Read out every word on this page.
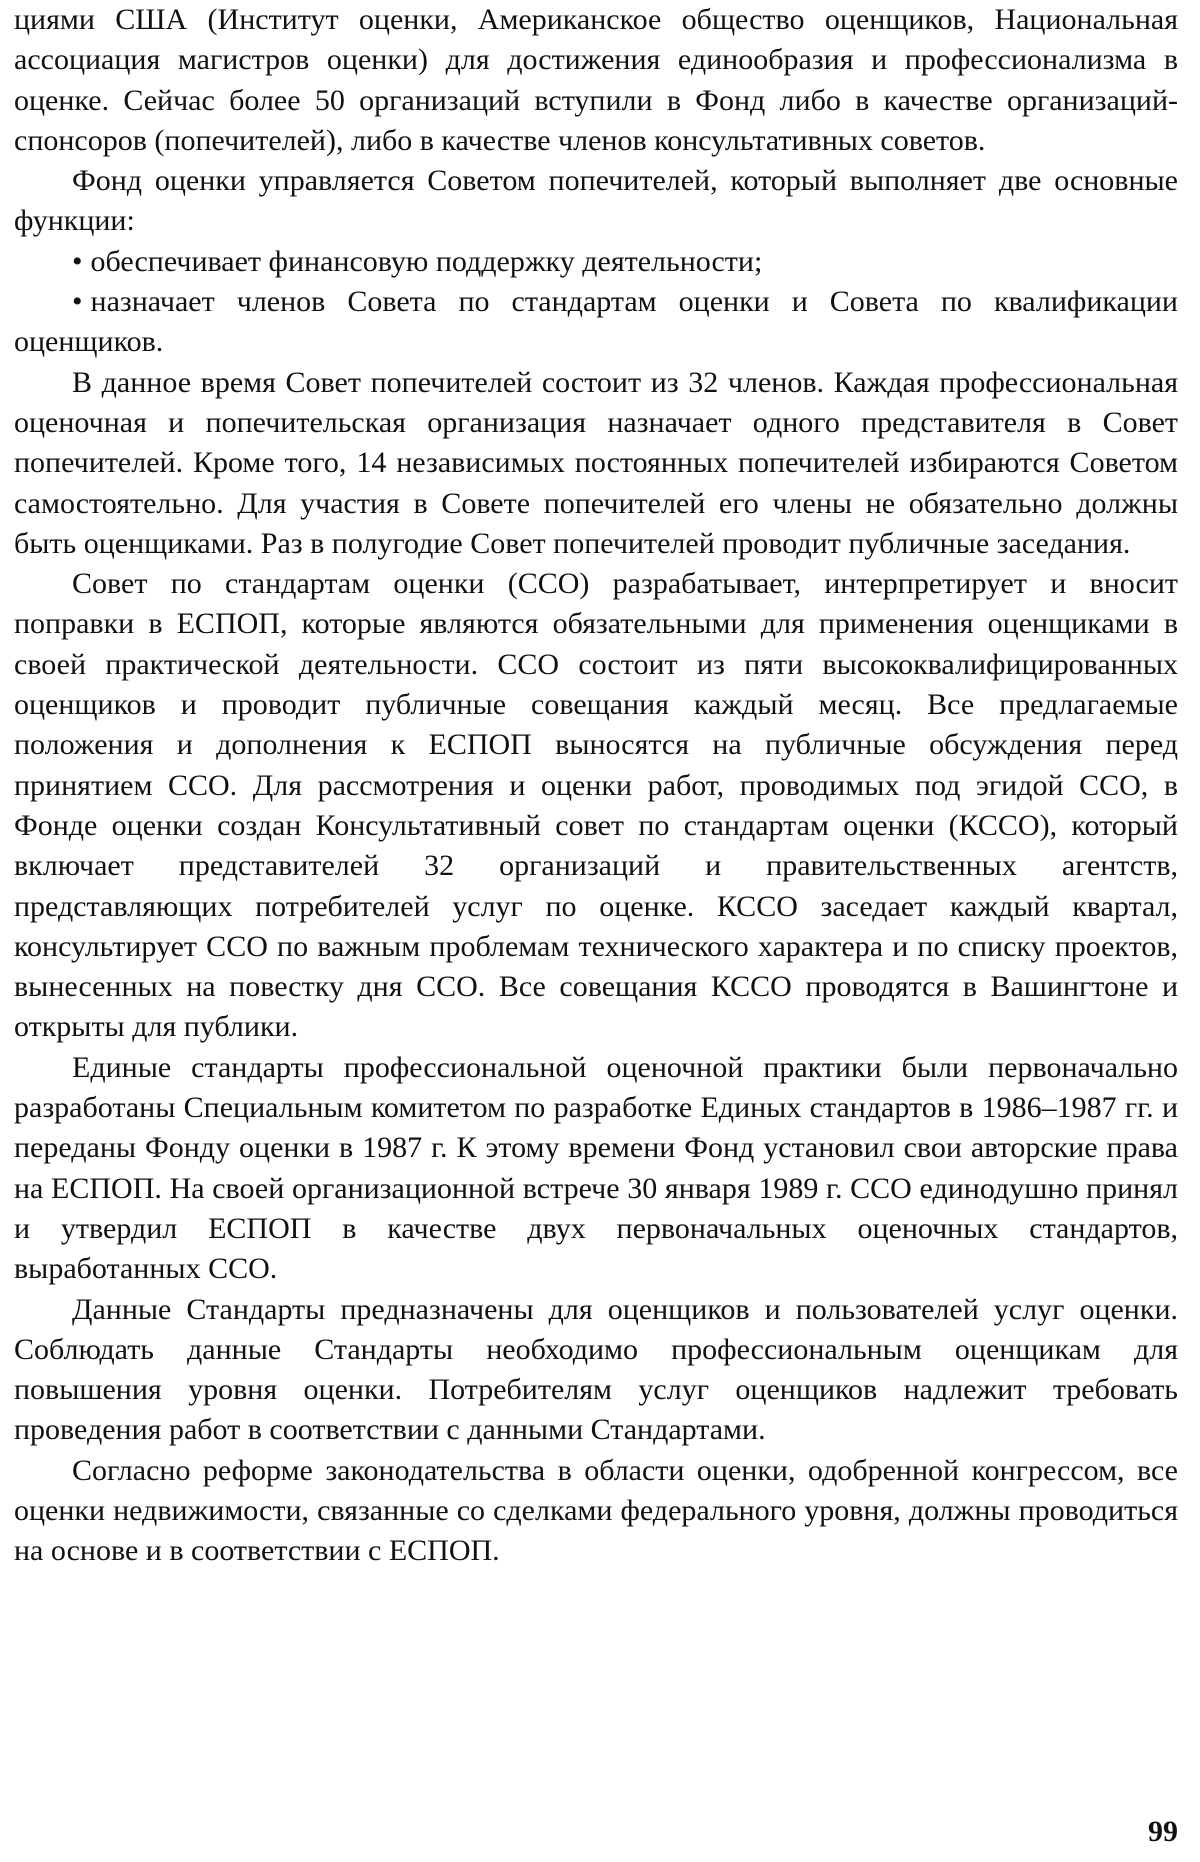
циями США (Институт оценки, Американское общество оценщиков, Национальная ассоциация магистров оценки) для достижения единообразия и профессионализма в оценке. Сейчас более 50 организаций вступили в Фонд либо в качестве организаций-спонсоров (попечителей), либо в качестве членов консультативных советов.

Фонд оценки управляется Советом попечителей, который выполняет две основные функции:

• обеспечивает финансовую поддержку деятельности;

• назначает членов Совета по стандартам оценки и Совета по квалификации оценщиков.

В данное время Совет попечителей состоит из 32 членов. Каждая профессиональная оценочная и попечительская организация назначает одного представителя в Совет попечителей. Кроме того, 14 независимых постоянных попечителей избираются Советом самостоятельно. Для участия в Совете попечителей его члены не обязательно должны быть оценщиками. Раз в полугодие Совет попечителей проводит публичные заседания.

Совет по стандартам оценки (ССО) разрабатывает, интерпретирует и вносит поправки в ЕСПОП, которые являются обязательными для применения оценщиками в своей практической деятельности. ССО состоит из пяти высококвалифицированных оценщиков и проводит публичные совещания каждый месяц. Все предлагаемые положения и дополнения к ЕСПОП выносятся на публичные обсуждения перед принятием ССО. Для рассмотрения и оценки работ, проводимых под эгидой ССО, в Фонде оценки создан Консультативный совет по стандартам оценки (КССО), который включает представителей 32 организаций и правительственных агентств, представляющих потребителей услуг по оценке. КССО заседает каждый квартал, консультирует ССО по важным проблемам технического характера и по списку проектов, вынесенных на повестку дня ССО. Все совещания КССО проводятся в Вашингтоне и открыты для публики.

Единые стандарты профессиональной оценочной практики были первоначально разработаны Специальным комитетом по разработке Единых стандартов в 1986–1987 гг. и переданы Фонду оценки в 1987 г. К этому времени Фонд установил свои авторские права на ЕСПОП. На своей организационной встрече 30 января 1989 г. ССО единодушно принял и утвердил ЕСПОП в качестве двух первоначальных оценочных стандартов, выработанных ССО.

Данные Стандарты предназначены для оценщиков и пользователей услуг оценки. Соблюдать данные Стандарты необходимо профессиональным оценщикам для повышения уровня оценки. Потребителям услуг оценщиков надлежит требовать проведения работ в соответствии с данными Стандартами.

Согласно реформе законодательства в области оценки, одобренной конгрессом, все оценки недвижимости, связанные со сделками федерального уровня, должны проводиться на основе и в соответствии с ЕСПОП.

99
